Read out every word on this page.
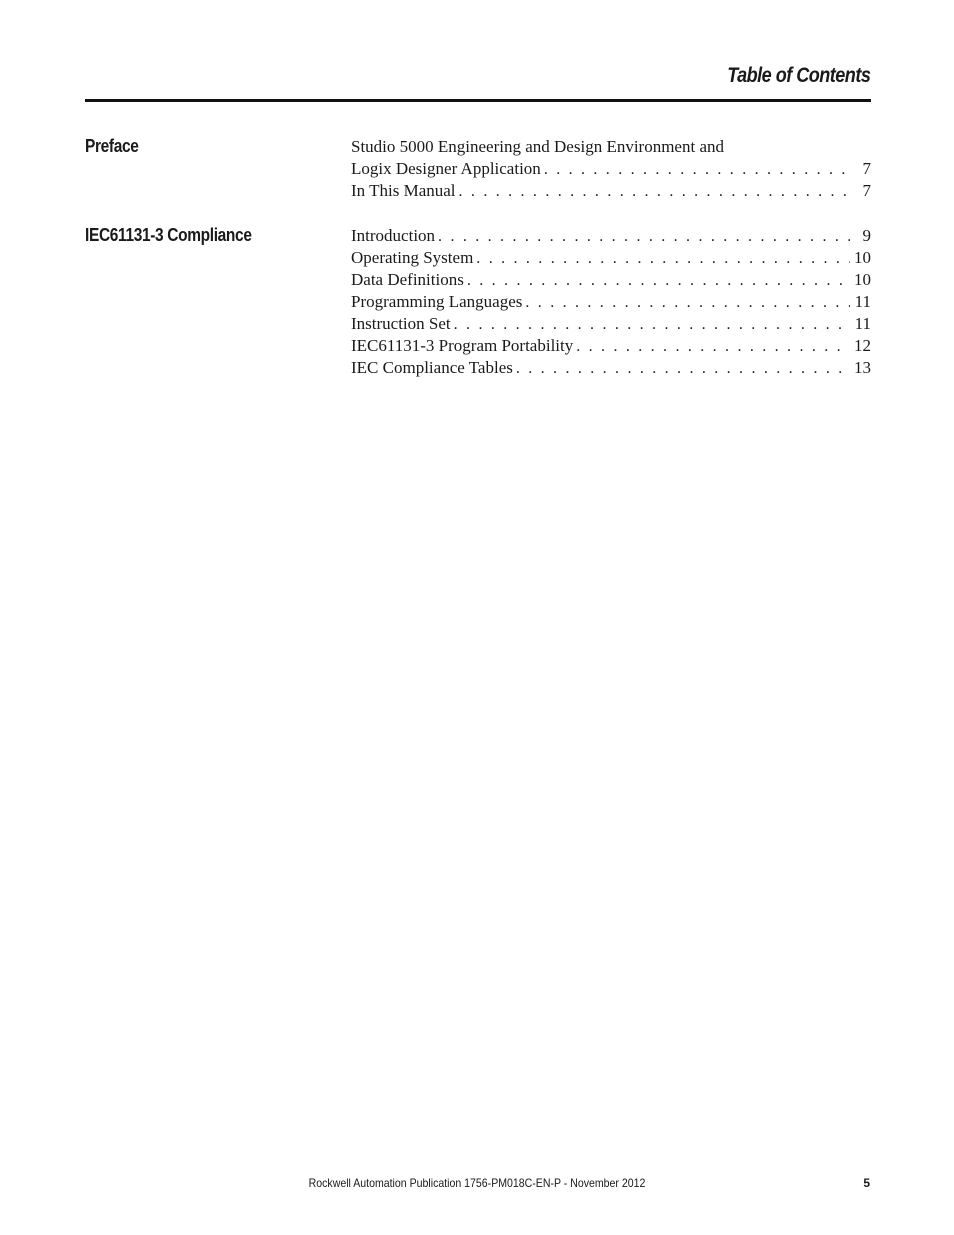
Table of Contents
Preface	Studio 5000 Engineering and Design Environment and
Logix Designer Application . . .	7
In This Manual . . .	7
IEC61131-3 Compliance	Introduction . . .	9
Operating System . . .	10
Data Definitions . . .	10
Programming Languages . . .	11
Instruction Set . . .	11
IEC61131-3 Program Portability . . .	12
IEC Compliance Tables . . .	13
Rockwell Automation Publication 1756-PM018C-EN-P - November 2012	5
